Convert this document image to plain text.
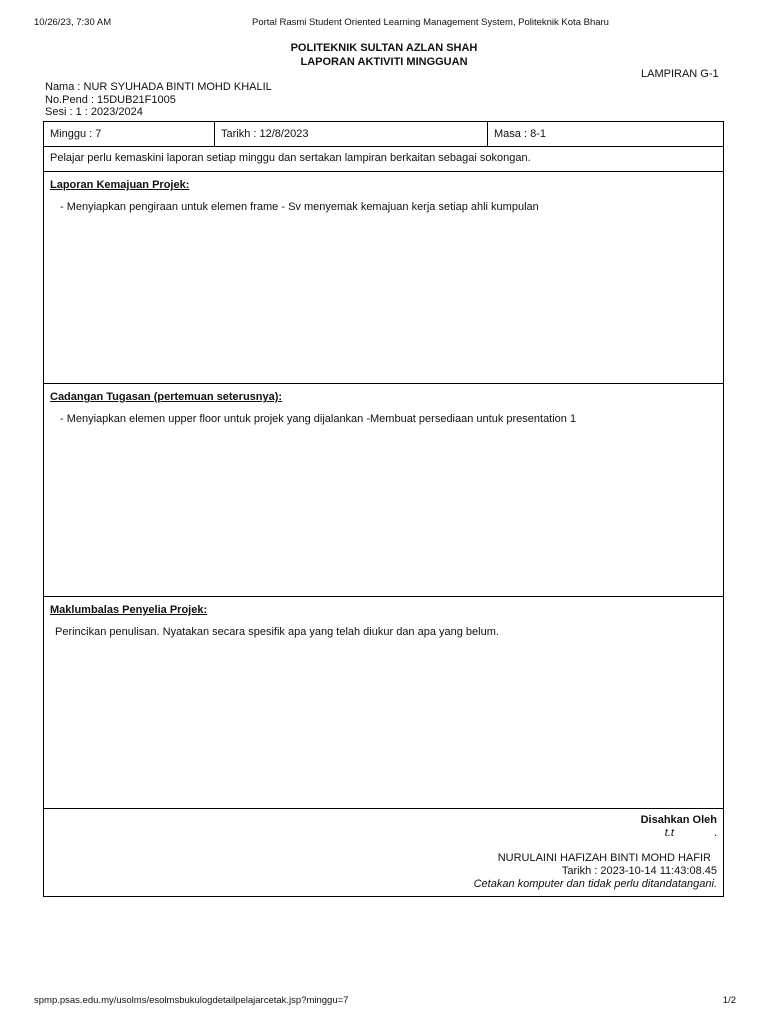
10/26/23, 7:30 AM	Portal Rasmi Student Oriented Learning Management System, Politeknik Kota Bharu
POLITEKNIK SULTAN AZLAN SHAH
LAPORAN AKTIVITI MINGGUAN
LAMPIRAN G-1
Nama : NUR SYUHADA BINTI MOHD KHALIL
No.Pend : 15DUB21F1005
Sesi : 1 : 2023/2024
Minggu : 7	Tarikh : 12/8/2023	Masa : 8-1
Pelajar perlu kemaskini laporan setiap minggu dan sertakan lampiran berkaitan sebagai sokongan.
Laporan Kemajuan Projek:
- Menyiapkan pengiraan untuk elemen frame - Sv menyemak kemajuan kerja setiap ahli kumpulan
Cadangan Tugasan (pertemuan seterusnya):
- Menyiapkan elemen upper floor untuk projek yang dijalankan -Membuat persediaan untuk presentation 1
Maklumbalas Penyelia Projek:
Perincikan penulisan. Nyatakan secara spesifik apa yang telah diukur dan apa yang belum.
Disahkan Oleh
t.t	.
NURULAINI HAFIZAH BINTI MOHD HAFIR
Tarikh : 2023-10-14 11:43:08.45
Cetakan komputer dan tidak perlu ditandatangani.
spmp.psas.edu.my/usolms/esolmsbukulogdetailpelajarcetak.jsp?minggu=7	1/2
